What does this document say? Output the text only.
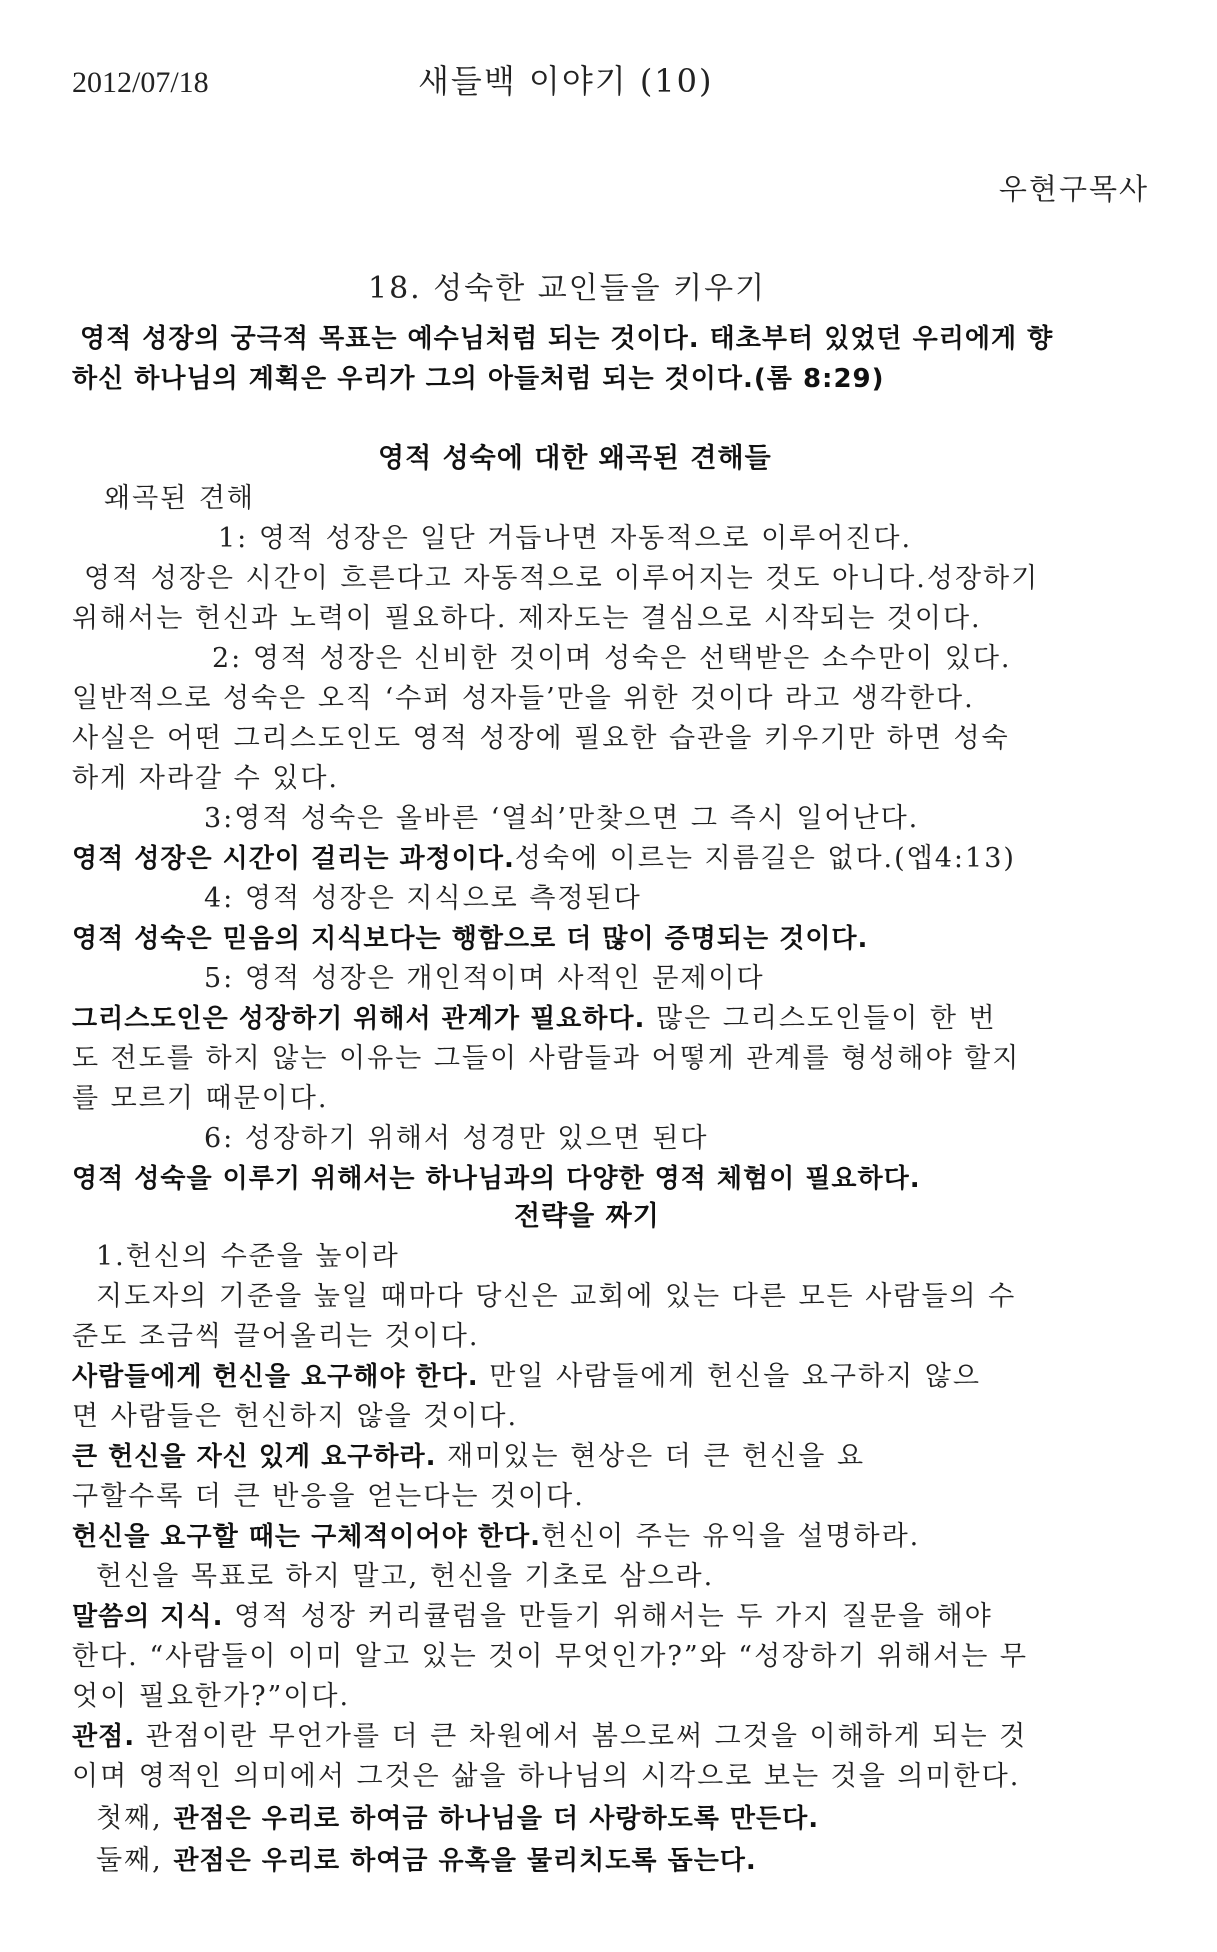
2012/07/18	새들백 이야기 (10)
우현구목사
18. 성숙한 교인들을 키우기
영적 성장의 궁극적 목표는 예수님처럼 되는 것이다. 태초부터 있었던 우리에게 향
하신 하나님의 계획은 우리가 그의 아들처럼 되는 것이다.(롬 8:29)
영적 성숙에 대한 왜곡된 견해들
왜곡된 견해
1: 영적 성장은 일단 거듭나면 자동적으로 이루어진다.
영적 성장은 시간이 흐른다고 자동적으로 이루어지는 것도 아니다.성장하기
위해서는 헌신과 노력이 필요하다. 제자도는 결심으로 시작되는 것이다.
2: 영적 성장은 신비한 것이며 성숙은 선택받은 소수만이 있다.
일반적으로 성숙은 오직 ‘수퍼 성자들’만을 위한 것이다 라고 생각한다.
사실은 어떤 그리스도인도 영적 성장에 필요한 습관을 키우기만 하면 성숙
하게 자라갈 수 있다.
3:영적 성숙은 올바른 ‘열쇠’만찾으면 그 즉시 일어난다.
영적 성장은 시간이 걸리는 과정이다.성숙에 이르는 지름길은 없다.(엡4:13)
4: 영적 성장은 지식으로 측정된다
영적 성숙은 믿음의 지식보다는 행함으로 더 많이 증명되는 것이다.
5: 영적 성장은 개인적이며 사적인 문제이다
그리스도인은 성장하기 위해서 관계가 필요하다. 많은 그리스도인들이 한 번
도 전도를 하지 않는 이유는 그들이 사람들과 어떻게 관계를 형성해야 할지
를 모르기 때문이다.
6: 성장하기 위해서 성경만 있으면 된다
영적 성숙을 이루기 위해서는 하나님과의 다양한 영적 체험이 필요하다.
전략을 짜기
1.헌신의 수준을 높이라
지도자의 기준을 높일 때마다 당신은 교회에 있는 다른 모든 사람들의 수
준도 조금씩 끌어올리는 것이다.
사람들에게 헌신을 요구해야 한다. 만일 사람들에게 헌신을 요구하지 않으
면 사람들은 헌신하지 않을 것이다.
큰 헌신을 자신 있게 요구하라. 재미있는 현상은 더 큰 헌신을 요
구할수록 더 큰 반응을 얻는다는 것이다.
헌신을 요구할 때는 구체적이어야 한다.헌신이 주는 유익을 설명하라.
헌신을 목표로 하지 말고, 헌신을 기초로 삼으라.
말씀의 지식. 영적 성장 커리큘럼을 만들기 위해서는 두 가지 질문을 해야
한다. “사람들이 이미 알고 있는 것이 무엇인가?”와 “성장하기 위해서는 무
엇이 필요한가?”이다.
관점. 관점이란 무언가를 더 큰 차원에서 봄으로써 그것을 이해하게 되는 것
이며 영적인 의미에서 그것은 삶을 하나님의 시각으로 보는 것을 의미한다.
첫째, 관점은 우리로 하여금 하나님을 더 사랑하도록 만든다.
둘째, 관점은 우리로 하여금 유혹을 물리치도록 돕는다.
